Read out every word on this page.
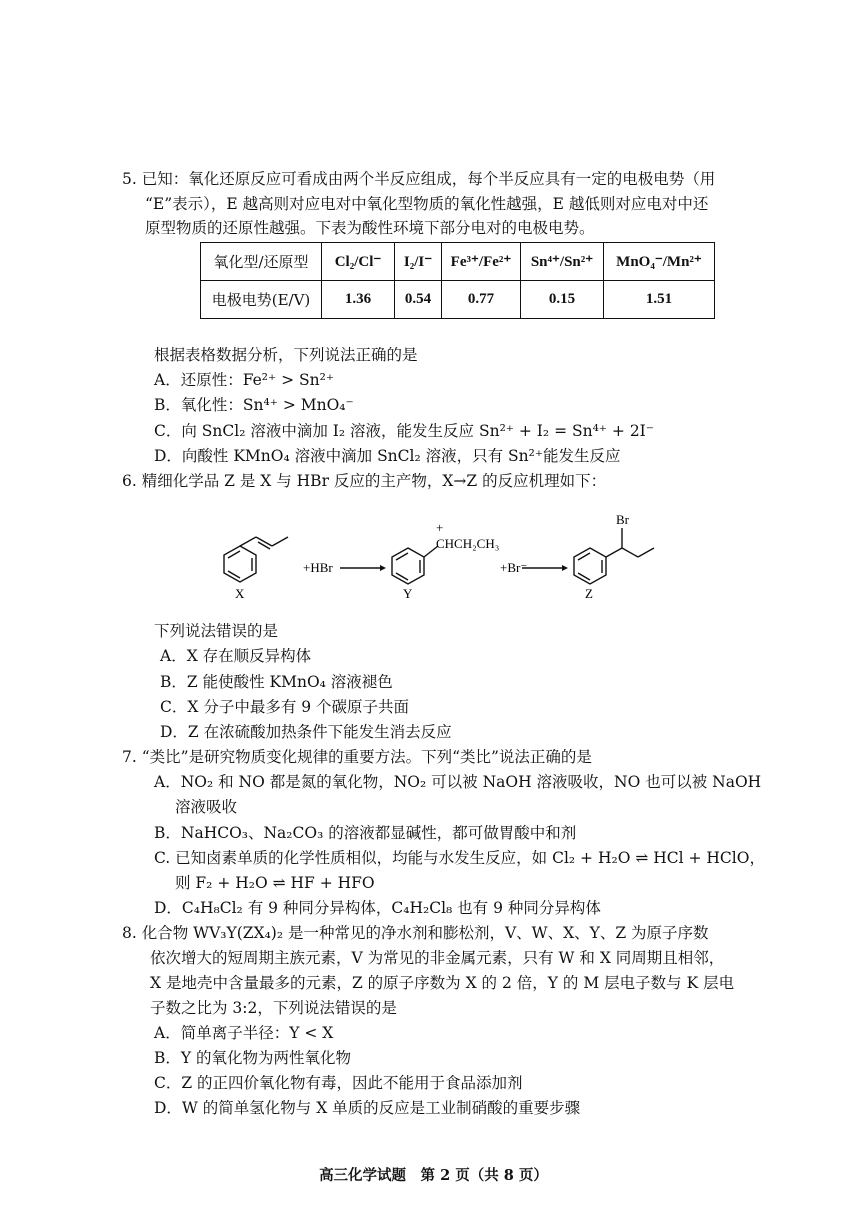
5. 已知：氧化还原反应可看成由两个半反应组成，每个半反应具有一定的电极电势（用
“E”表示），E 越高则对应电对中氧化型物质的氧化性越强，E 越低则对应电对中还
原型物质的还原性越强。下表为酸性环境下部分电对的电极电势。
氧化型/还原型	Cl₂/Cl⁻	I₂/I⁻	Fe³⁺/Fe²⁺	Sn⁴⁺/Sn²⁺	MnO₄⁻/Mn²⁺
电极电势(E/V)	1.36	0.54	0.77	0.15	1.51
根据表格数据分析，下列说法正确的是
A．还原性：Fe²⁺ > Sn²⁺
B．氧化性：Sn⁴⁺ > MnO₄⁻
C．向 SnCl₂ 溶液中滴加 I₂ 溶液，能发生反应 Sn²⁺ + I₂ = Sn⁴⁺ + 2I⁻
D．向酸性 KMnO₄ 溶液中滴加 SnCl₂ 溶液，只有 Sn²⁺能发生反应
6. 精细化学品 Z 是 X 与 HBr 反应的主产物，X→Z 的反应机理如下：
+HBr
+
CHCH₂CH₃
+Br⁻
Br
X	Y	Z
下列说法错误的是
A．X 存在顺反异构体
B．Z 能使酸性 KMnO₄ 溶液褪色
C．X 分子中最多有 9 个碳原子共面
D．Z 在浓硫酸加热条件下能发生消去反应
7. “类比”是研究物质变化规律的重要方法。下列“类比”说法正确的是
A．NO₂ 和 NO 都是氮的氧化物，NO₂ 可以被 NaOH 溶液吸收，NO 也可以被 NaOH
溶液吸收
B．NaHCO₃、Na₂CO₃ 的溶液都显碱性，都可做胃酸中和剂
C. 已知卤素单质的化学性质相似，均能与水发生反应，如 Cl₂ + H₂O ⇌ HCl + HClO，
则 F₂ + H₂O ⇌ HF + HFO
D．C₄H₈Cl₂ 有 9 种同分异构体，C₄H₂Cl₈ 也有 9 种同分异构体
8. 化合物 WV₃Y(ZX₄)₂ 是一种常见的净水剂和膨松剂，V、W、X、Y、Z 为原子序数
依次增大的短周期主族元素，V 为常见的非金属元素，只有 W 和 X 同周期且相邻，
X 是地壳中含量最多的元素，Z 的原子序数为 X 的 2 倍，Y 的 M 层电子数与 K 层电
子数之比为 3:2，下列说法错误的是
A．简单离子半径：Y < X
B．Y 的氧化物为两性氧化物
C．Z 的正四价氧化物有毒，因此不能用于食品添加剂
D．W 的简单氢化物与 X 单质的反应是工业制硝酸的重要步骤
高三化学试题　第 2 页（共 8 页）
